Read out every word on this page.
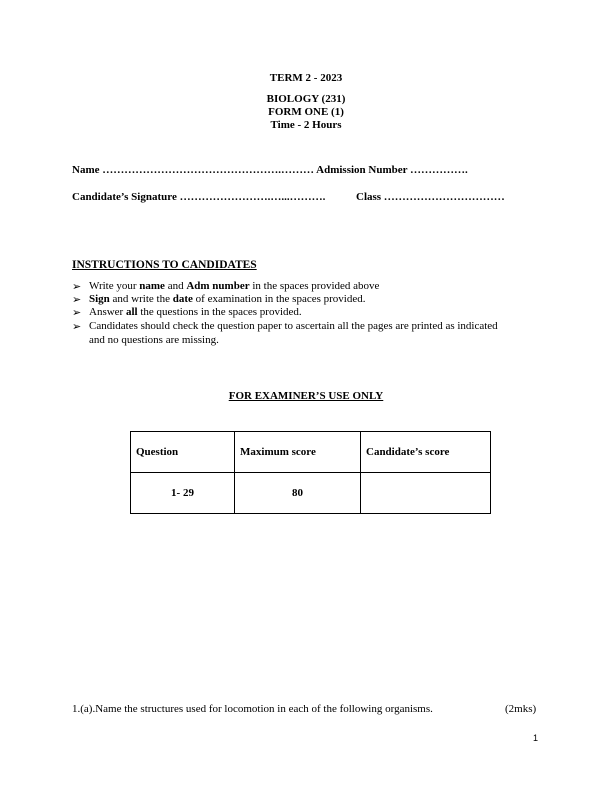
TERM 2 - 2023
BIOLOGY (231)
FORM ONE (1)
Time - 2 Hours
Name ………………………………………….……… Admission Number …………….
Candidate’s Signature …………………….…...……….	Class ……………………………
INSTRUCTIONS TO CANDIDATES
➢ Write your name and Adm number in the spaces provided above
➢ Sign and write the date of examination in the spaces provided.
➢ Answer all the questions in the spaces provided.
➢ Candidates should check the question paper to ascertain all the pages are printed as indicated
and no questions are missing.
FOR EXAMINER’S USE ONLY
Question	Maximum score	Candidate’s score
1- 29	80	
1.(a).Name the structures used for locomotion in each of the following organisms.	(2mks)
1
